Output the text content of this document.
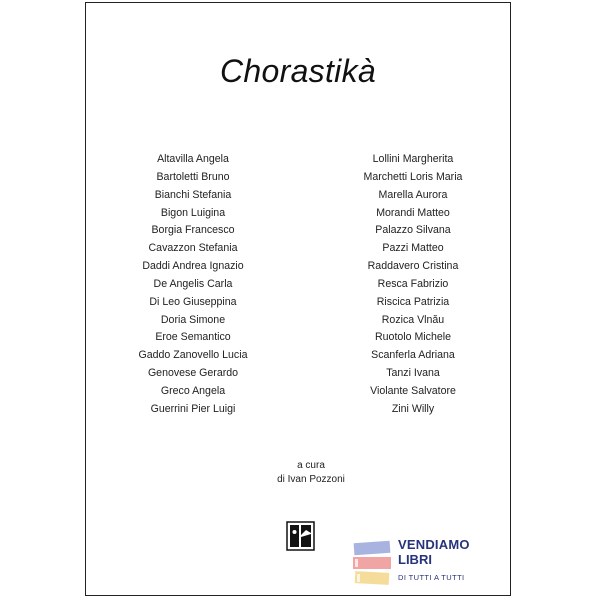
Chorastikà
Altavilla Angela
Bartoletti Bruno
Bianchi Stefania
Bigon Luigina
Borgia Francesco
Cavazzon Stefania
Daddi Andrea Ignazio
De Angelis Carla
Di Leo Giuseppina
Doria Simone
Eroe Semantico
Gaddo Zanovello Lucia
Genovese Gerardo
Greco Angela
Guerrini Pier Luigi
Lollini Margherita
Marchetti Loris Maria
Marella Aurora
Morandi Matteo
Palazzo Silvana
Pazzi Matteo
Raddavero Cristina
Resca Fabrizio
Riscica Patrizia
Rozica Vlnău
Ruotolo Michele
Scanferla Adriana
Tanzi Ivana
Violante Salvatore
Zini Willy
a cura
di Ivan Pozzoni
VENDIAMO
LIBRI
DI TUTTI A TUTTI
